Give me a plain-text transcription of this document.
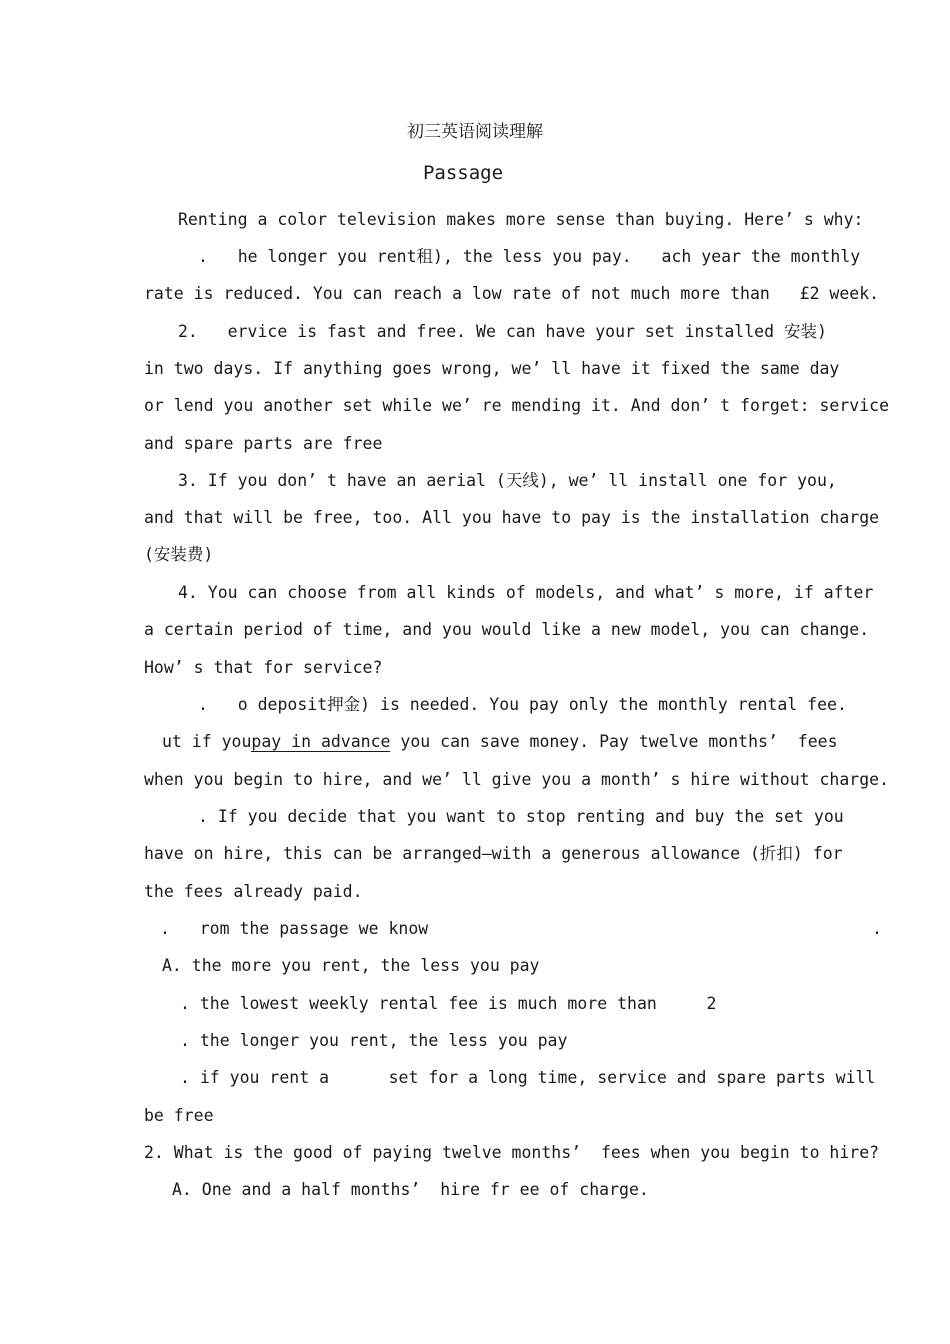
初三英语阅读理解
Passage
Renting a color television makes more sense than buying. Here’ s why:
.   he longer you rent租), the less you pay.   ach year the monthly
rate is reduced. You can reach a low rate of not much more than   £2 week.
2.   ervice is fast and free. We can have your set installed 安装)
in two days. If anything goes wrong, we’ ll have it fixed the same day
or lend you another set while we’ re mending it. And don’ t forget: service
and spare parts are free
3. If you don’ t have an aerial (天线), we’ ll install one for you,
and that will be free, too. All you have to pay is the installation charge
(安装费)
4. You can choose from all kinds of models, and what’ s more, if after
a certain period of time, and you would like a new model, you can change.
How’ s that for service?
.   o deposit押金) is needed. You pay only the monthly rental fee.
ut if youpay in advance you can save money. Pay twelve months’  fees
when you begin to hire, and we’ ll give you a month’ s hire without charge.
. If you decide that you want to stop renting and buy the set you
have on hire, this can be arranged—with a generous allowance (折扣) for
the fees already paid.
.   rom the passage we know	.
A. the more you rent, the less you pay
. the lowest weekly rental fee is much more than     2
. the longer you rent, the less you pay
. if you rent a      set for a long time, service and spare parts will
be free
2. What is the good of paying twelve months’  fees when you begin to hire?
A. One and a half months’  hire fr ee of charge.
